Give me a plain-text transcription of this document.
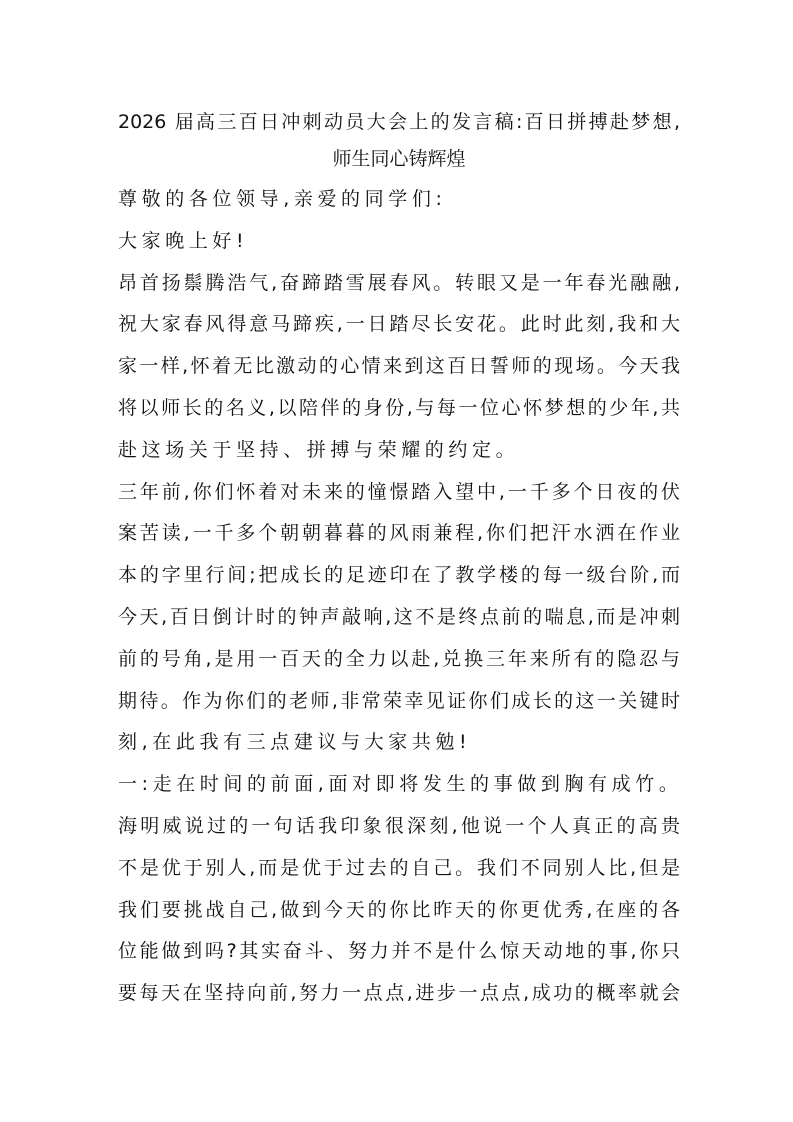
2026 届高三百日冲刺动员大会上的发言稿:百日拼搏赴梦想,
师生同心铸辉煌
尊敬的各位领导,亲爱的同学们:
大家晚上好!
昂首扬鬃腾浩气,奋蹄踏雪展春风。转眼又是一年春光融融,
祝大家春风得意马蹄疾,一日踏尽长安花。此时此刻,我和大
家一样,怀着无比激动的心情来到这百日誓师的现场。今天我
将以师长的名义,以陪伴的身份,与每一位心怀梦想的少年,共
赴这场关于坚持、拼搏与荣耀的约定。
三年前,你们怀着对未来的憧憬踏入望中,一千多个日夜的伏
案苦读,一千多个朝朝暮暮的风雨兼程,你们把汗水洒在作业
本的字里行间;把成长的足迹印在了教学楼的每一级台阶,而
今天,百日倒计时的钟声敲响,这不是终点前的喘息,而是冲刺
前的号角,是用一百天的全力以赴,兑换三年来所有的隐忍与
期待。作为你们的老师,非常荣幸见证你们成长的这一关键时
刻,在此我有三点建议与大家共勉!
一:走在时间的前面,面对即将发生的事做到胸有成竹。
海明威说过的一句话我印象很深刻,他说一个人真正的高贵
不是优于别人,而是优于过去的自己。我们不同别人比,但是
我们要挑战自己,做到今天的你比昨天的你更优秀,在座的各
位能做到吗?其实奋斗、努力并不是什么惊天动地的事,你只
要每天在坚持向前,努力一点点,进步一点点,成功的概率就会
